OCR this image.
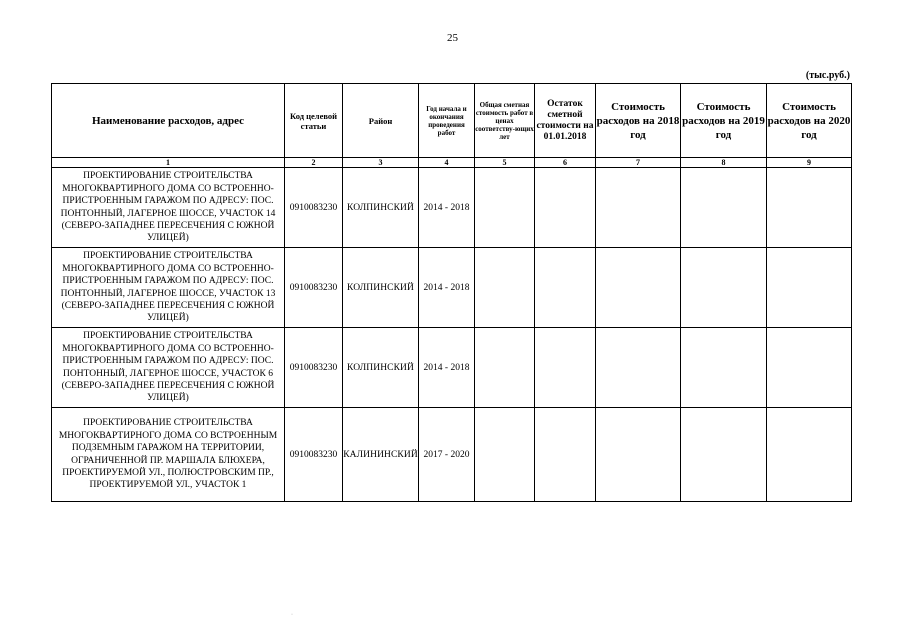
25
(тыс.руб.)
Наименование расходов, адрес	Код целевой статьи	Район	Год начала и окончания проведения работ	Общая сметная стоимость работ в ценах соответству-ющих лет	Остаток сметной стоимости на 01.01.2018	Стоимость расходов на 2018 год	Стоимость расходов на 2019 год	Стоимость расходов на 2020 год
1	2	3	4	5	6	7	8	9
ПРОЕКТИРОВАНИЕ СТРОИТЕЛЬСТВА МНОГОКВАРТИРНОГО ДОМА СО ВСТРОЕННО-ПРИСТРОЕННЫМ ГАРАЖОМ ПО АДРЕСУ: ПОС. ПОНТОННЫЙ, ЛАГЕРНОЕ ШОССЕ, УЧАСТОК 14 (СЕВЕРО-ЗАПАДНЕЕ ПЕРЕСЕЧЕНИЯ С ЮЖНОЙ УЛИЦЕЙ)	0910083230	КОЛПИНСКИЙ	2014 - 2018					
ПРОЕКТИРОВАНИЕ СТРОИТЕЛЬСТВА МНОГОКВАРТИРНОГО ДОМА СО ВСТРОЕННО-ПРИСТРОЕННЫМ ГАРАЖОМ ПО АДРЕСУ: ПОС. ПОНТОННЫЙ, ЛАГЕРНОЕ ШОССЕ, УЧАСТОК 13 (СЕВЕРО-ЗАПАДНЕЕ ПЕРЕСЕЧЕНИЯ С ЮЖНОЙ УЛИЦЕЙ)	0910083230	КОЛПИНСКИЙ	2014 - 2018					
ПРОЕКТИРОВАНИЕ СТРОИТЕЛЬСТВА МНОГОКВАРТИРНОГО ДОМА СО ВСТРОЕННО-ПРИСТРОЕННЫМ ГАРАЖОМ ПО АДРЕСУ: ПОС. ПОНТОННЫЙ, ЛАГЕРНОЕ ШОССЕ, УЧАСТОК 6 (СЕВЕРО-ЗАПАДНЕЕ ПЕРЕСЕЧЕНИЯ С ЮЖНОЙ УЛИЦЕЙ)	0910083230	КОЛПИНСКИЙ	2014 - 2018					
ПРОЕКТИРОВАНИЕ СТРОИТЕЛЬСТВА МНОГОКВАРТИРНОГО ДОМА СО ВСТРОЕННЫМ ПОДЗЕМНЫМ ГАРАЖОМ НА ТЕРРИТОРИИ, ОГРАНИЧЕННОЙ ПР. МАРШАЛА БЛЮХЕРА, ПРОЕКТИРУЕМОЙ УЛ., ПОЛЮСТРОВСКИМ ПР., ПРОЕКТИРУЕМОЙ УЛ., УЧАСТОК 1	0910083230	КАЛИНИНСКИЙ	2017 - 2020					
·
